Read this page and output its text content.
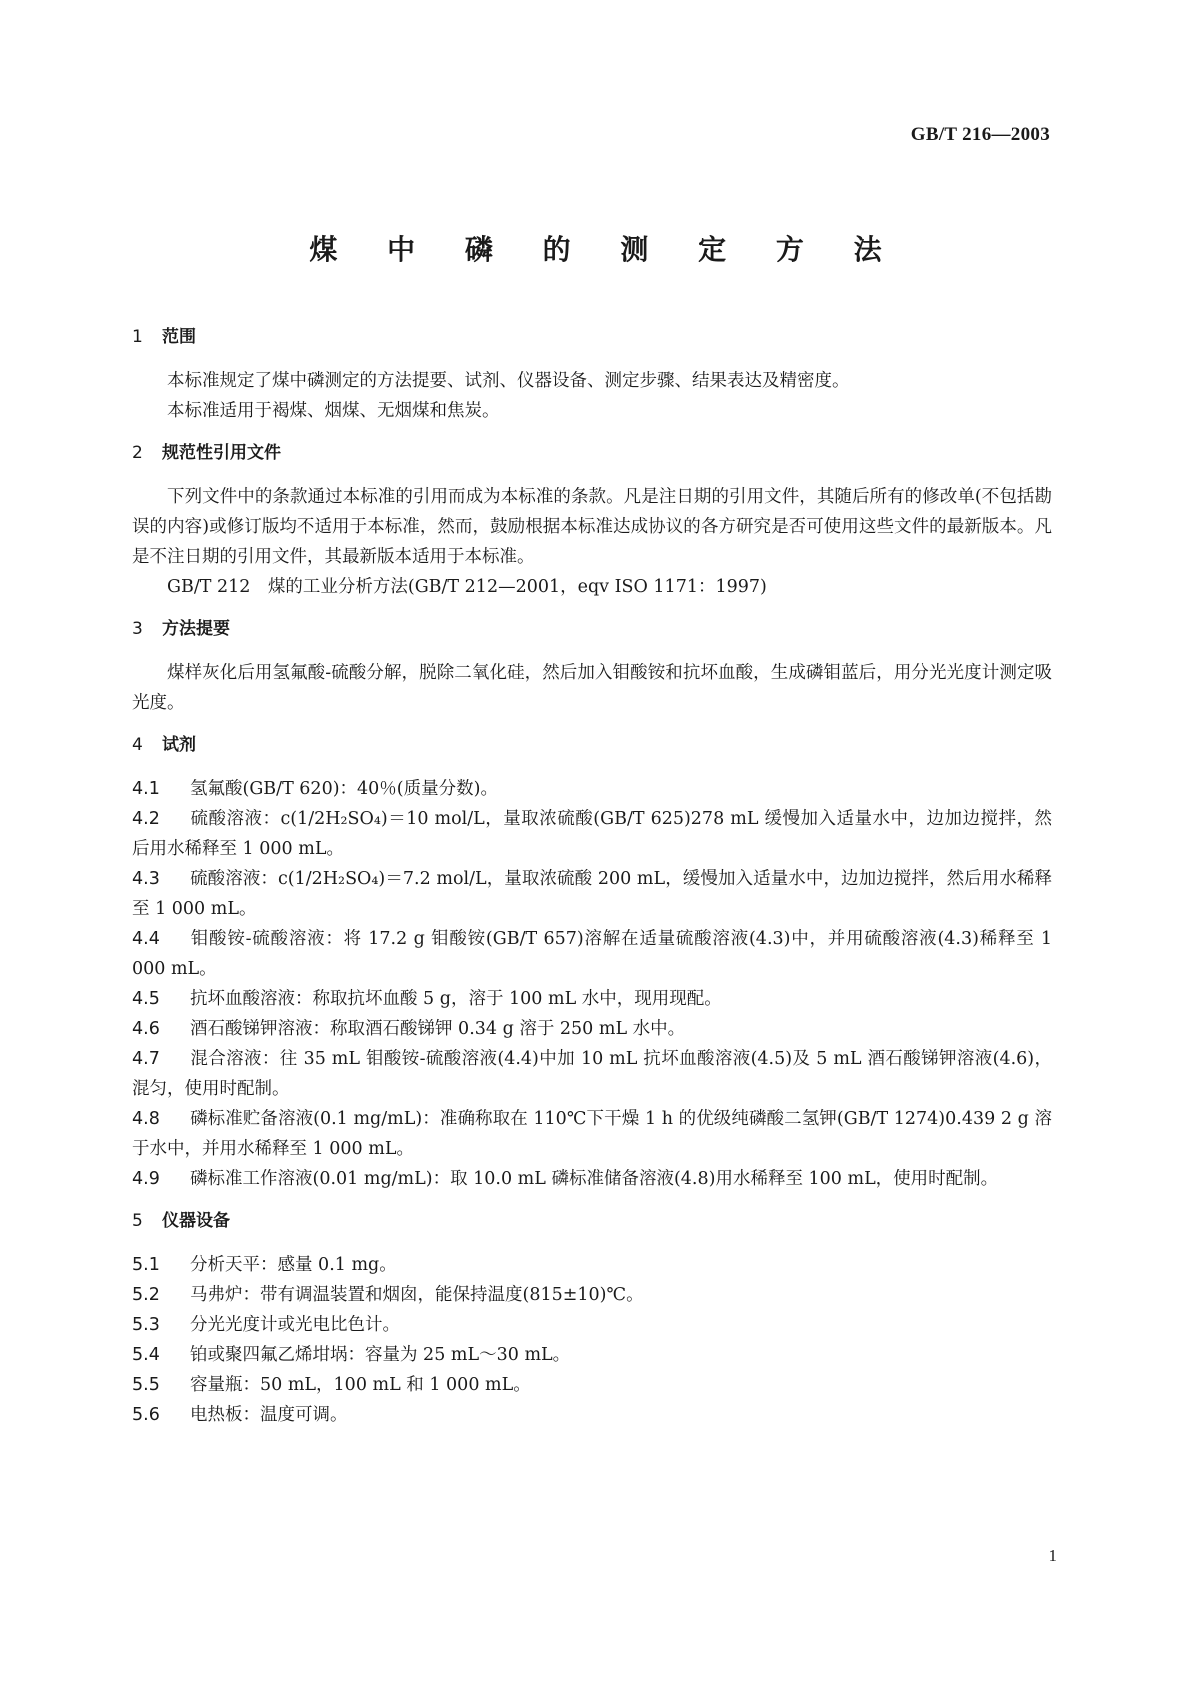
GB/T 216—2003
煤 中 磷 的 测 定 方 法

1 范围

本标准规定了煤中磷测定的方法提要、试剂、仪器设备、测定步骤、结果表达及精密度。

本标准适用于褐煤、烟煤、无烟煤和焦炭。

2 规范性引用文件

下列文件中的条款通过本标准的引用而成为本标准的条款。凡是注日期的引用文件，其随后所有的修改单(不包括勘误的内容)或修订版均不适用于本标准，然而，鼓励根据本标准达成协议的各方研究是否可使用这些文件的最新版本。凡是不注日期的引用文件，其最新版本适用于本标准。

GB/T 212　煤的工业分析方法(GB/T 212—2001，eqv ISO 1171：1997)

3 方法提要

煤样灰化后用氢氟酸-硫酸分解，脱除二氧化硅，然后加入钼酸铵和抗坏血酸，生成磷钼蓝后，用分光光度计测定吸光度。

4 试剂

4.1 氢氟酸(GB/T 620)：40％(质量分数)。

4.2 硫酸溶液：c(1/2H₂SO₄)＝10 mol/L，量取浓硫酸(GB/T 625)278 mL 缓慢加入适量水中，边加边搅拌，然后用水稀释至 1 000 mL。

4.3 硫酸溶液：c(1/2H₂SO₄)＝7.2 mol/L，量取浓硫酸 200 mL，缓慢加入适量水中，边加边搅拌，然后用水稀释至 1 000 mL。

4.4 钼酸铵-硫酸溶液：将 17.2 g 钼酸铵(GB/T 657)溶解在适量硫酸溶液(4.3)中，并用硫酸溶液(4.3)稀释至 1 000 mL。

4.5 抗坏血酸溶液：称取抗坏血酸 5 g，溶于 100 mL 水中，现用现配。

4.6 酒石酸锑钾溶液：称取酒石酸锑钾 0.34 g 溶于 250 mL 水中。

4.7 混合溶液：往 35 mL 钼酸铵-硫酸溶液(4.4)中加 10 mL 抗坏血酸溶液(4.5)及 5 mL 酒石酸锑钾溶液(4.6)，混匀，使用时配制。

4.8 磷标准贮备溶液(0.1 mg/mL)：准确称取在 110℃下干燥 1 h 的优级纯磷酸二氢钾(GB/T 1274)0.439 2 g 溶于水中，并用水稀释至 1 000 mL。

4.9 磷标准工作溶液(0.01 mg/mL)：取 10.0 mL 磷标准储备溶液(4.8)用水稀释至 100 mL，使用时配制。

5 仪器设备

5.1 分析天平：感量 0.1 mg。

5.2 马弗炉：带有调温装置和烟囱，能保持温度(815±10)℃。

5.3 分光光度计或光电比色计。

5.4 铂或聚四氟乙烯坩埚：容量为 25 mL～30 mL。

5.5 容量瓶：50 mL，100 mL 和 1 000 mL。

5.6 电热板：温度可调。

1
